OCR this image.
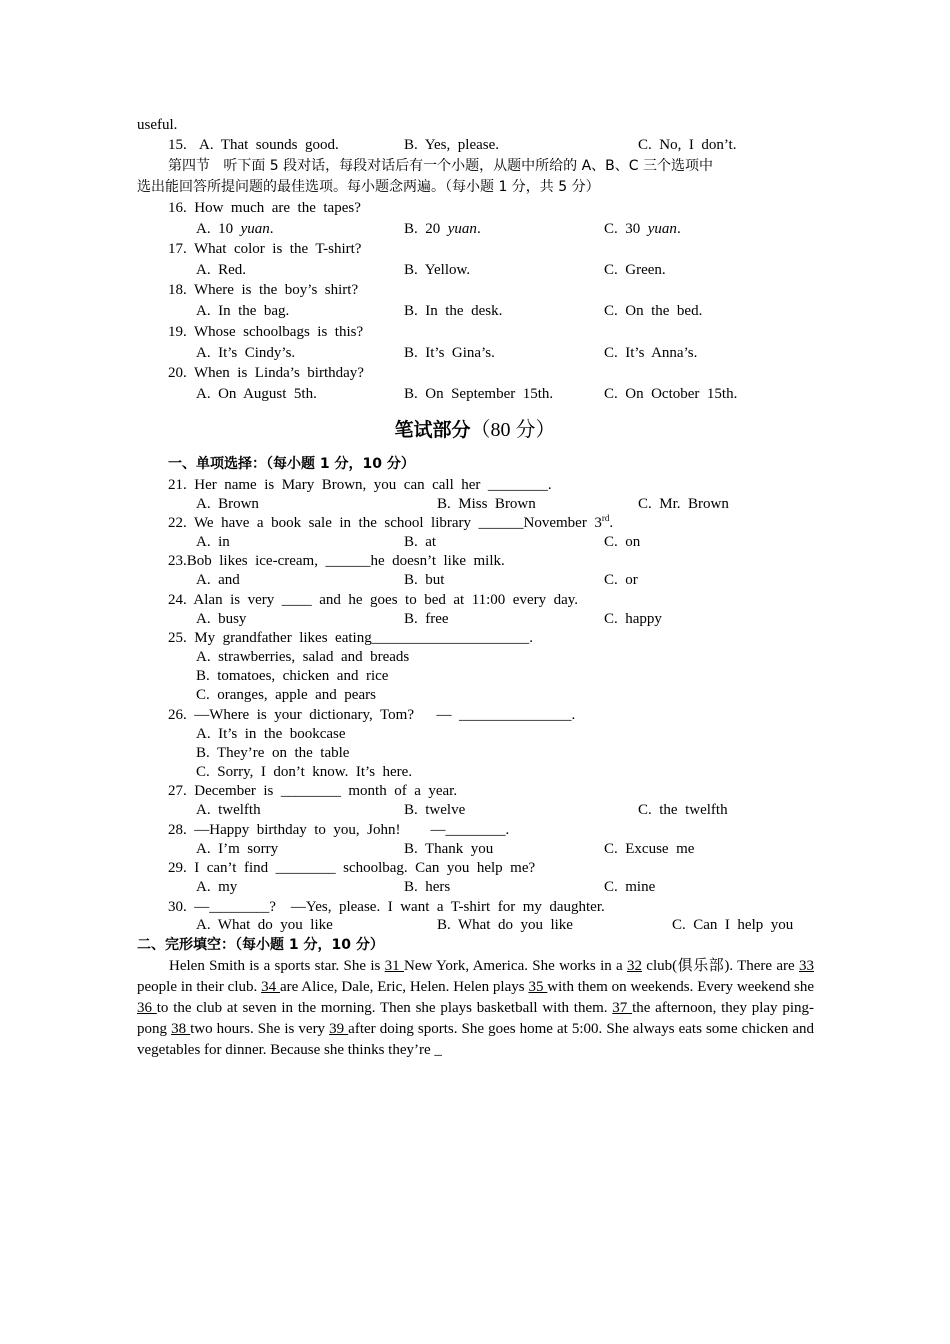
useful.
15. A.  That  sounds  good.	B.  Yes,  please.	C.  No,  I  don’t.
第四节   听下面 5 段对话，每段对话后有一个小题，从题中所给的 A、B、C 三个选项中
选出能回答所提问题的最佳选项。每小题念两遍。（每小题 1 分，共 5 分）
16.  How  much  are  the  tapes?
A.  10  yuan.	B.  20  yuan.	C.  30  yuan.
17.  What  color  is  the  T-shirt?
A.  Red.	B.  Yellow.	C.  Green.
18.  Where  is  the  boy’s  shirt?
A.  In  the  bag.	B.  In  the  desk.	C.  On  the  bed.
19.  Whose  schoolbags  is  this?
A.  It’s  Cindy’s.	B.  It’s  Gina’s.	C.  It’s  Anna’s.
20.  When  is  Linda’s  birthday?
A.  On  August  5th.	B.  On  September  15th.	C.  On  October  15th.
笔试部分（80 分）
一、单项选择：（每小题 1 分，10 分）
21.  Her  name  is  Mary  Brown,  you  can  call  her  ________.
A.  Brown	B.  Miss  Brown	C.  Mr.  Brown
22.  We  have  a  book  sale  in  the  school  library  ______November  3rd.
A.  in	B.  at	C.  on
23.Bob  likes  ice-cream,  ______he  doesn’t  like  milk.
A.  and	B.  but	C.  or
24.  Alan  is  very  ____  and  he  goes  to  bed  at  11:00  every  day.
A.  busy	B.  free	C.  happy
25.  My  grandfather  likes  eating_____________________.
A.  strawberries,  salad  and  breads
B.  tomatoes,  chicken  and  rice
C.  oranges,  apple  and  pears
26.  —Where  is  your  dictionary,  Tom?      —  _______________.
A.  It’s  in  the  bookcase
B.  They’re  on  the  table
C.  Sorry,  I  don’t  know.  It’s  here.
27.  December  is  ________  month  of  a  year.
A.  twelfth	B.  twelve	C.  the  twelfth
28.  —Happy  birthday  to  you,  John!        —________.
A.  I’m  sorry	B.  Thank  you	C.  Excuse  me
29.  I  can’t  find  ________  schoolbag.  Can  you  help  me?
A.  my	B.  hers	C.  mine
30.  —________?    —Yes,  please.  I  want  a  T-shirt  for  my  daughter.
A.  What  do  you  like	B.  What  do  you  like	C.  Can  I  help  you
二、完形填空：（每小题 1 分，10 分）

Helen Smith is a sports star. She is 31 New York, America. She works in a 32 club(俱乐部). There are 33 people in their club. 34 are Alice, Dale, Eric, Helen. Helen plays 35 with them on weekends. Every weekend she 36 to the club at seven in the morning. Then she plays basketball with them. 37 the afternoon, they play ping-pong 38 two hours. She is very 39 after doing sports. She goes home at 5:00. She always eats some chicken and vegetables for dinner. Because she thinks they’re _
